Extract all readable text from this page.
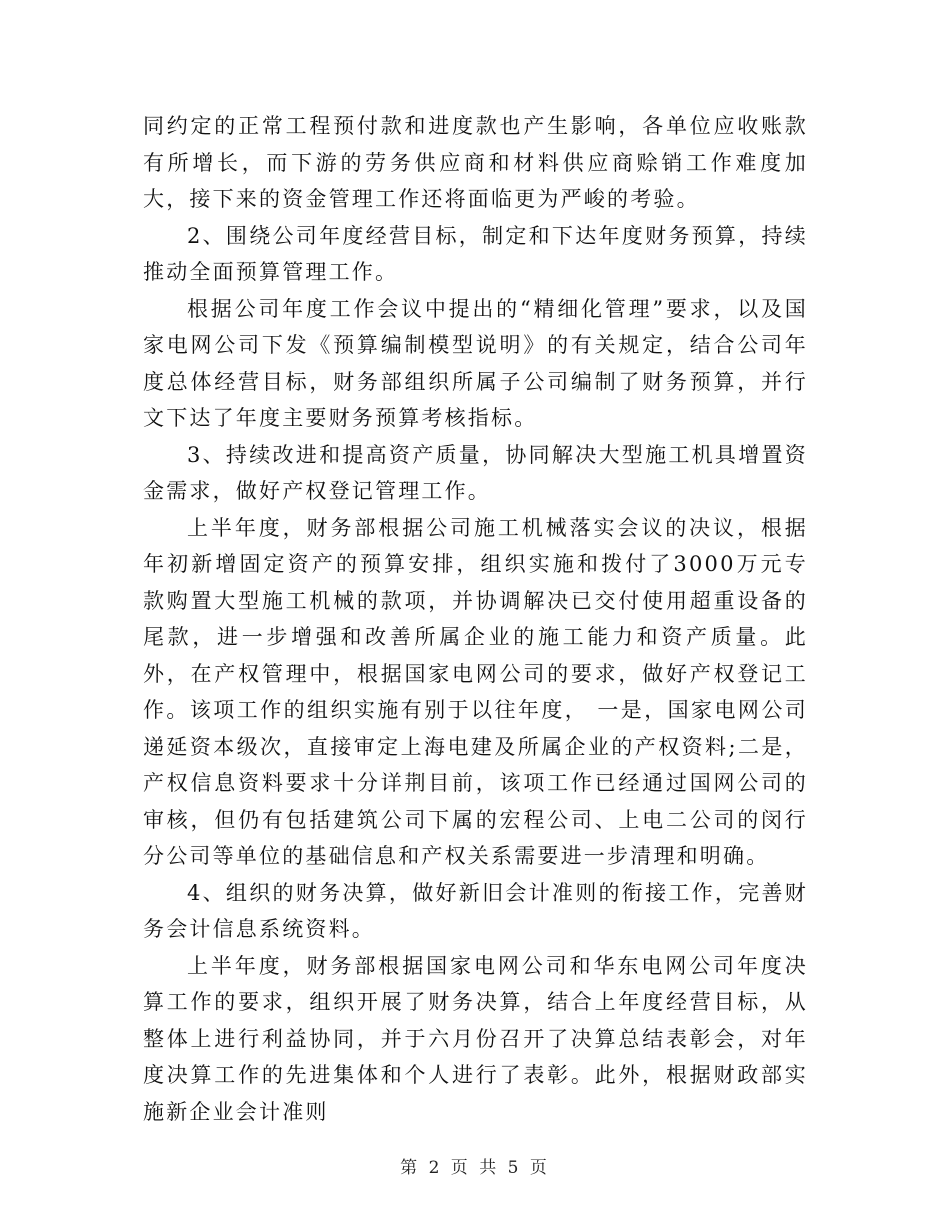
同约定的正常工程预付款和进度款也产生影响，各单位应收账款有所增长，而下游的劳务供应商和材料供应商赊销工作难度加大，接下来的资金管理工作还将面临更为严峻的考验。

2、围绕公司年度经营目标，制定和下达年度财务预算，持续推动全面预算管理工作。

根据公司年度工作会议中提出的“精细化管理”要求，以及国家电网公司下发《预算编制模型说明》的有关规定，结合公司年度总体经营目标，财务部组织所属子公司编制了财务预算，并行文下达了年度主要财务预算考核指标。

3、持续改进和提高资产质量，协同解决大型施工机具增置资金需求，做好产权登记管理工作。

上半年度，财务部根据公司施工机械落实会议的决议，根据年初新增固定资产的预算安排，组织实施和拨付了3000万元专款购置大型施工机械的款项，并协调解决已交付使用超重设备的尾款，进一步增强和改善所属企业的施工能力和资产质量。此外，在产权管理中，根据国家电网公司的要求，做好产权登记工作。该项工作的组织实施有别于以往年度， 一是，国家电网公司递延资本级次，直接审定上海电建及所属企业的产权资料;二是，产权信息资料要求十分详荆目前，该项工作已经通过国网公司的审核，但仍有包括建筑公司下属的宏程公司、上电二公司的闵行分公司等单位的基础信息和产权关系需要进一步清理和明确。

4、组织的财务决算，做好新旧会计准则的衔接工作，完善财务会计信息系统资料。

上半年度，财务部根据国家电网公司和华东电网公司年度决算工作的要求，组织开展了财务决算，结合上年度经营目标，从整体上进行利益协同，并于六月份召开了决算总结表彰会，对年度决算工作的先进集体和个人进行了表彰。此外，根据财政部实施新企业会计准则

第 2 页 共 5 页
